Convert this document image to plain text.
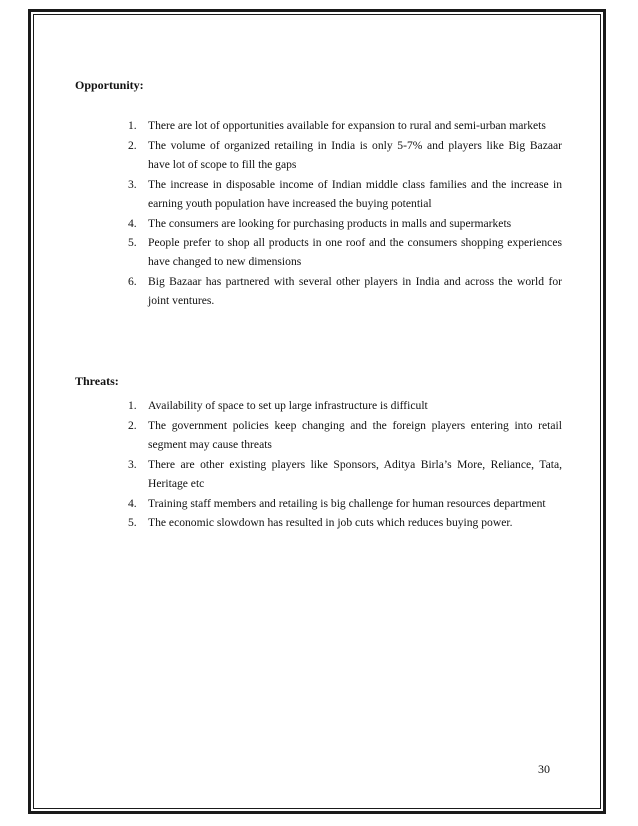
Opportunity:
1. There are lot of opportunities available for expansion to rural and semi-urban markets
2. The volume of organized retailing in India is only 5-7% and players like Big Bazaar have lot of scope to fill the gaps
3. The increase in disposable income of Indian middle class families and the increase in earning youth population have increased the buying potential
4. The consumers are looking for purchasing products in malls and supermarkets
5. People prefer to shop all products in one roof and the consumers shopping experiences have changed to new dimensions
6. Big Bazaar has partnered with several other players in India and across the world for joint ventures.
Threats:
1. Availability of space to set up large infrastructure is difficult
2. The government policies keep changing and the foreign players entering into retail segment may cause threats
3. There are other existing players like Sponsors, Aditya Birla’s More, Reliance, Tata, Heritage etc
4. Training staff members and retailing is big challenge for human resources department
5. The economic slowdown has resulted in job cuts which reduces buying power.
30
